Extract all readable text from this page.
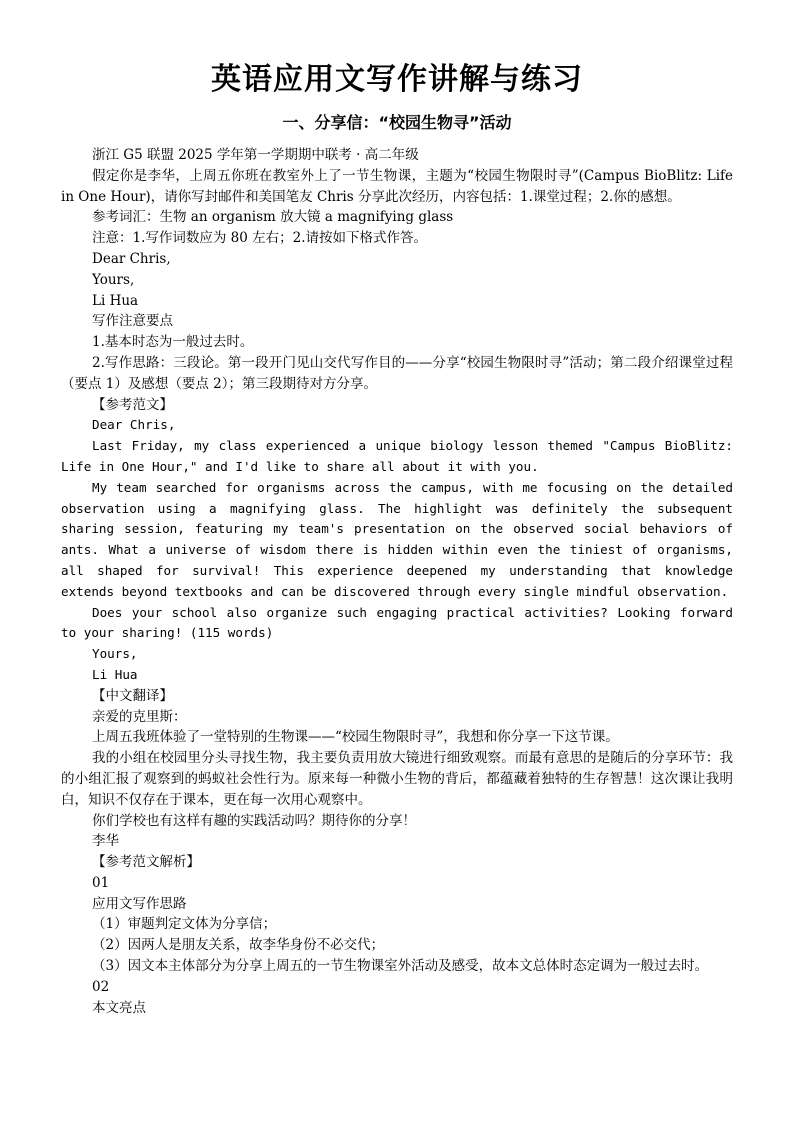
英语应用文写作讲解与练习
一、分享信：“校园生物寻”活动

浙江 G5 联盟 2025 学年第一学期期中联考 · 高二年级

假定你是李华，上周五你班在教室外上了一节生物课，主题为“校园生物限时寻”(Campus BioBlitz: Life in One Hour)，请你写封邮件和美国笔友 Chris 分享此次经历，内容包括：1.课堂过程；2.你的感想。

参考词汇：生物 an organism 放大镜 a magnifying glass

注意：1.写作词数应为 80 左右；2.请按如下格式作答。

Dear Chris,

Yours,

Li Hua

写作注意要点

1.基本时态为一般过去时。

2.写作思路：三段论。第一段开门见山交代写作目的——分享“校园生物限时寻”活动；第二段介绍课堂过程（要点 1）及感想（要点 2）；第三段期待对方分享。

【参考范文】

Dear Chris,

Last Friday, my class experienced a unique biology lesson themed "Campus BioBlitz: Life in One Hour," and I'd like to share all about it with you.

My team searched for organisms across the campus, with me focusing on the detailed observation using a magnifying glass. The highlight was definitely the subsequent sharing session, featuring my team's presentation on the observed social behaviors of ants. What a universe of wisdom there is hidden within even the tiniest of organisms, all shaped for survival! This experience deepened my understanding that knowledge extends beyond textbooks and can be discovered through every single mindful observation.

Does your school also organize such engaging practical activities? Looking forward to your sharing! (115 words)

Yours,

Li Hua

【中文翻译】

亲爱的克里斯：

上周五我班体验了一堂特别的生物课——“校园生物限时寻”，我想和你分享一下这节课。

我的小组在校园里分头寻找生物，我主要负责用放大镜进行细致观察。而最有意思的是随后的分享环节：我的小组汇报了观察到的蚂蚁社会性行为。原来每一种微小生物的背后，都蕴藏着独特的生存智慧！这次课让我明白，知识不仅存在于课本，更在每一次用心观察中。

你们学校也有这样有趣的实践活动吗？期待你的分享！

李华

【参考范文解析】

01

应用文写作思路

（1）审题判定文体为分享信；

（2）因两人是朋友关系，故李华身份不必交代；

（3）因文本主体部分为分享上周五的一节生物课室外活动及感受，故本文总体时态定调为一般过去时。

02

本文亮点
